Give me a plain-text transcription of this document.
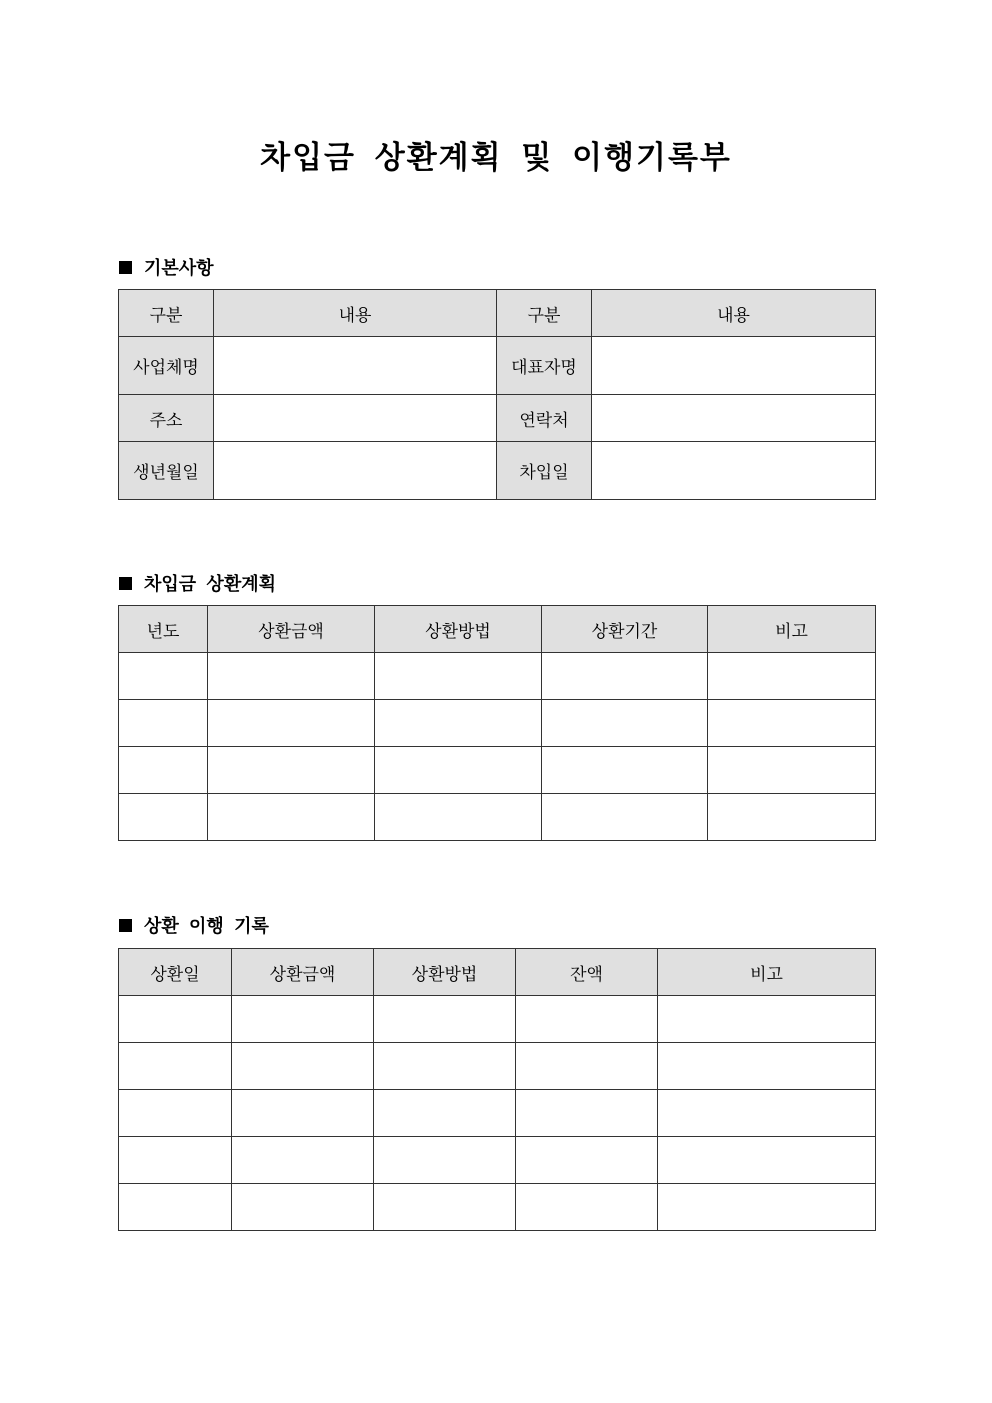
차입금 상환계획 및 이행기록부
기본사항
구분	내용	구분	내용
사업체명		대표자명	
주소		연락처	
생년월일		차입일	
차입금 상환계획
년도	상환금액	상환방법	상환기간	비고

상환 이행 기록
상환일	상환금액	상환방법	잔액	비고
